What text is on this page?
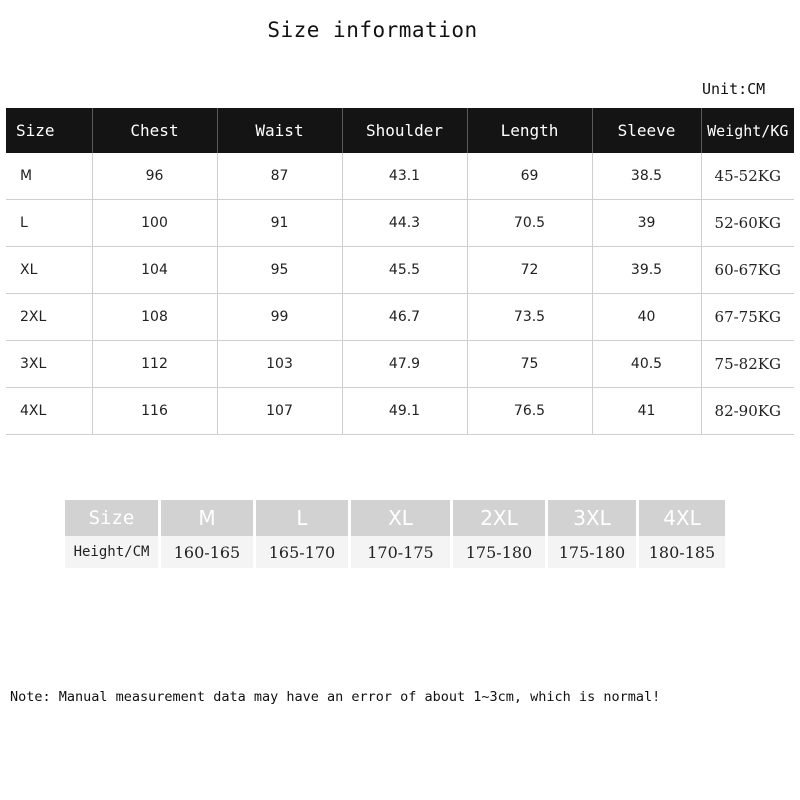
Size information
Unit:CM
Size	Chest	Waist	Shoulder	Length	Sleeve	Weight/KG
M	96	87	43.1	69	38.5	45-52KG
L	100	91	44.3	70.5	39	52-60KG
XL	104	95	45.5	72	39.5	60-67KG
2XL	108	99	46.7	73.5	40	67-75KG
3XL	112	103	47.9	75	40.5	75-82KG
4XL	116	107	49.1	76.5	41	82-90KG
Size	M	L	XL	2XL	3XL	4XL
Height/CM	160-165	165-170	170-175	175-180	175-180	180-185
Note: Manual measurement data may have an error of about 1~3cm, which is normal!
